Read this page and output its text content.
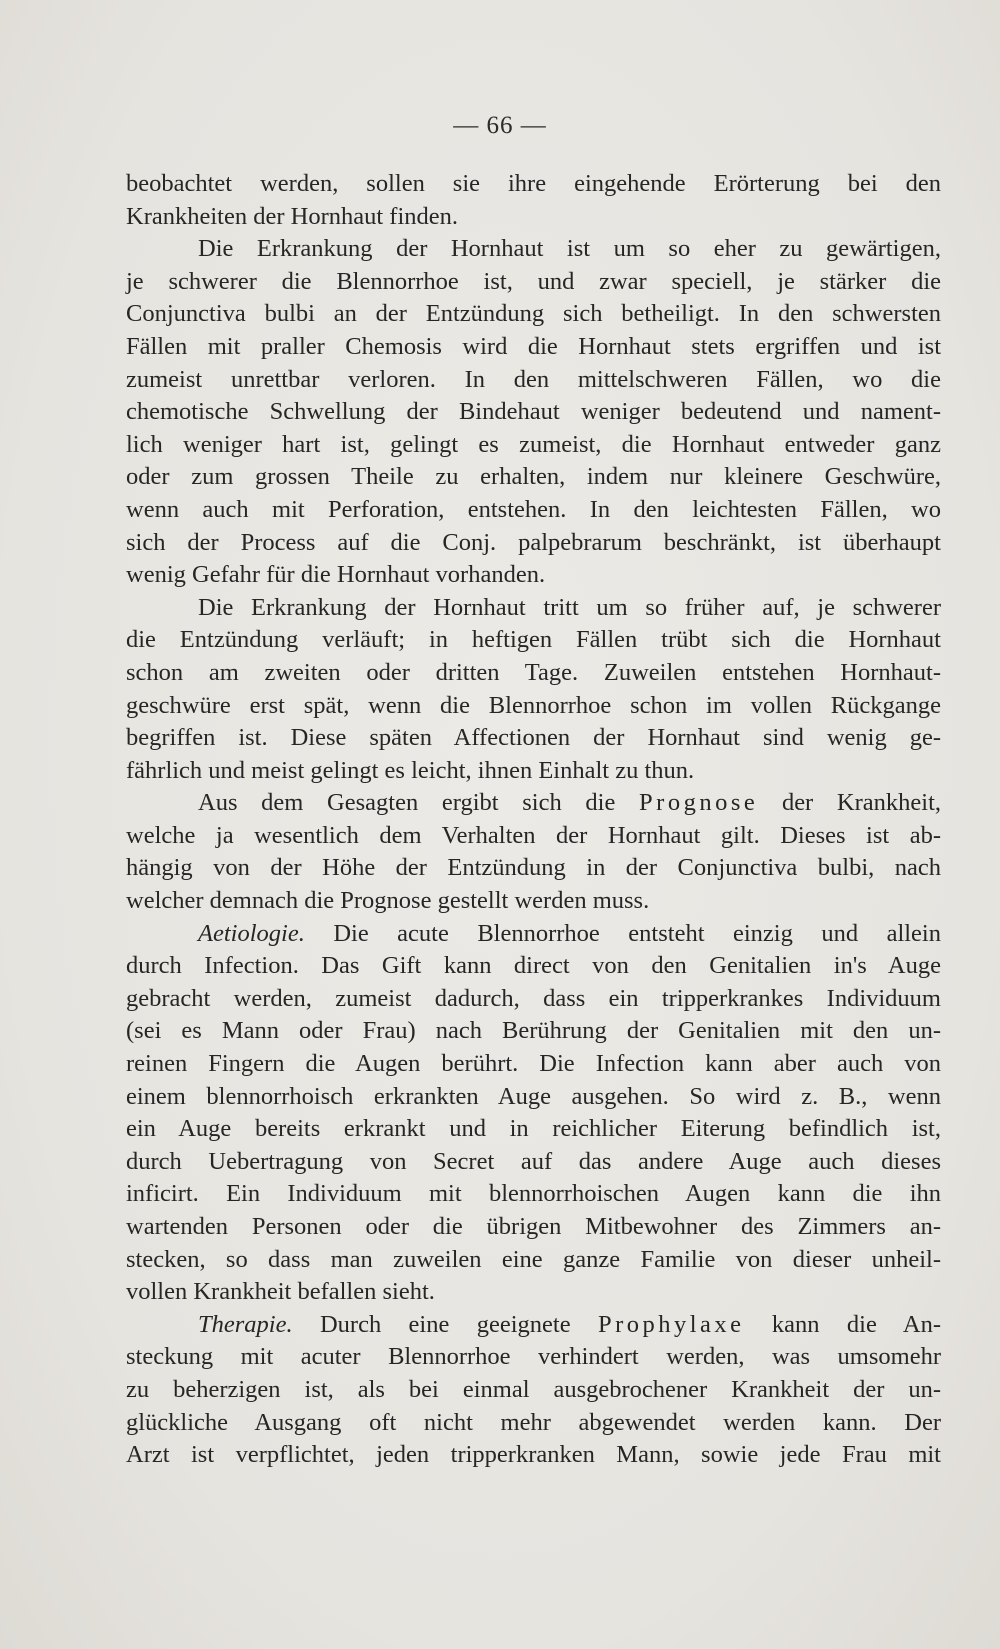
— 66 —
beobachtet werden, sollen sie ihre eingehende Erörterung bei den
Krankheiten der Hornhaut finden.
Die Erkrankung der Hornhaut ist um so eher zu gewärtigen,
je schwerer die Blennorrhoe ist, und zwar speciell, je stärker die
Conjunctiva bulbi an der Entzündung sich betheiligt. In den schwersten
Fällen mit praller Chemosis wird die Hornhaut stets ergriffen und ist
zumeist unrettbar verloren. In den mittelschweren Fällen, wo die
chemotische Schwellung der Bindehaut weniger bedeutend und nament-
lich weniger hart ist, gelingt es zumeist, die Hornhaut entweder ganz
oder zum grossen Theile zu erhalten, indem nur kleinere Geschwüre,
wenn auch mit Perforation, entstehen. In den leichtesten Fällen, wo
sich der Process auf die Conj. palpebrarum beschränkt, ist überhaupt
wenig Gefahr für die Hornhaut vorhanden.
Die Erkrankung der Hornhaut tritt um so früher auf, je schwerer
die Entzündung verläuft; in heftigen Fällen trübt sich die Hornhaut
schon am zweiten oder dritten Tage. Zuweilen entstehen Hornhaut-
geschwüre erst spät, wenn die Blennorrhoe schon im vollen Rückgange
begriffen ist. Diese späten Affectionen der Hornhaut sind wenig ge-
fährlich und meist gelingt es leicht, ihnen Einhalt zu thun.
Aus dem Gesagten ergibt sich die Prognose der Krankheit,
welche ja wesentlich dem Verhalten der Hornhaut gilt. Dieses ist ab-
hängig von der Höhe der Entzündung in der Conjunctiva bulbi, nach
welcher demnach die Prognose gestellt werden muss.
Aetiologie. Die acute Blennorrhoe entsteht einzig und allein
durch Infection. Das Gift kann direct von den Genitalien in's Auge
gebracht werden, zumeist dadurch, dass ein tripperkrankes Individuum
(sei es Mann oder Frau) nach Berührung der Genitalien mit den un-
reinen Fingern die Augen berührt. Die Infection kann aber auch von
einem blennorrhoisch erkrankten Auge ausgehen. So wird z. B., wenn
ein Auge bereits erkrankt und in reichlicher Eiterung befindlich ist,
durch Uebertragung von Secret auf das andere Auge auch dieses
inficirt. Ein Individuum mit blennorrhoischen Augen kann die ihn
wartenden Personen oder die übrigen Mitbewohner des Zimmers an-
stecken, so dass man zuweilen eine ganze Familie von dieser unheil-
vollen Krankheit befallen sieht.
Therapie. Durch eine geeignete Prophylaxe kann die An-
steckung mit acuter Blennorrhoe verhindert werden, was umsomehr
zu beherzigen ist, als bei einmal ausgebrochener Krankheit der un-
glückliche Ausgang oft nicht mehr abgewendet werden kann. Der
Arzt ist verpflichtet, jeden tripperkranken Mann, sowie jede Frau mit
